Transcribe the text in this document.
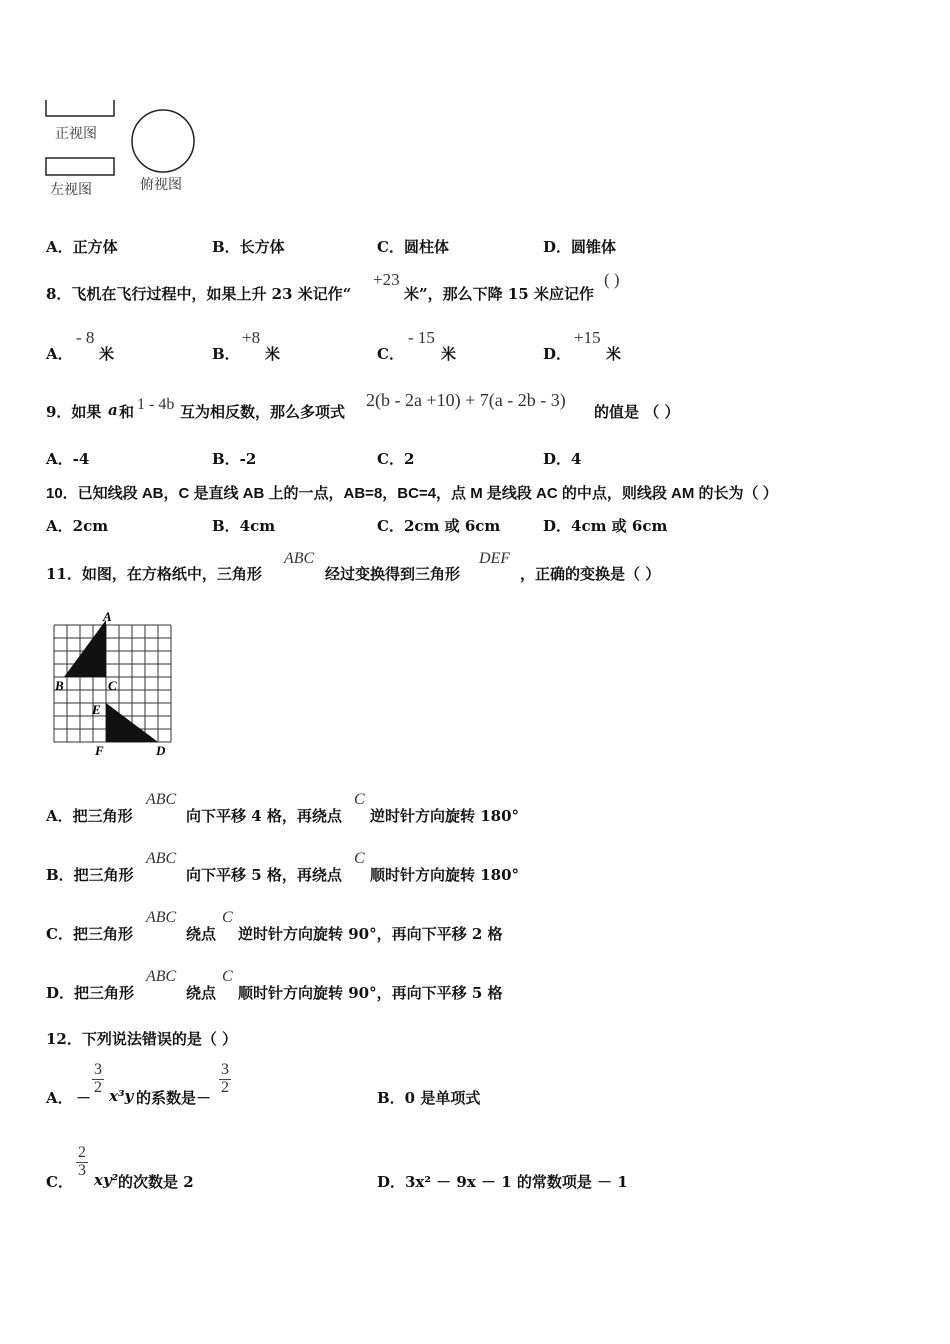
正视图
左视图	俯视图
A．正方体	B．长方体	C．圆柱体	D．圆锥体
8．飞机在飞行过程中，如果上升 23 米记作“
+23
米”，那么下降 15 米应记作
( )
A．
- 8
米	B．
+8
米	C．
- 15
米	D．
+15
米
9．如果 a 和 1 - 4b 互为相反数，那么多项式
2(b - 2a +10) + 7(a - 2b - 3)
的值是 （ ）
A．-4	B．-2	C．2	D．4
10．已知线段 AB，C 是直线 AB 上的一点，AB=8，BC=4，点 M 是线段 AC 的中点，则线段 AM 的长为（ ）
A．2cm	B．4cm	C．2cm 或 6cm	D．4cm 或 6cm
11．如图，在方格纸中，三角形
ABC
经过变换得到三角形
DEF
，正确的变换是（ ）
A
B	C
E
F	D
A．把三角形
ABC
向下平移 4 格，再绕点
C
逆时针方向旋转 180°
B．把三角形
ABC
向下平移 5 格，再绕点
C
顺时针方向旋转 180°
C．把三角形
ABC
绕点
C
逆时针方向旋转 90°，再向下平移 2 格
D．把三角形
ABC
绕点
C
顺时针方向旋转 90°，再向下平移 5 格
12．下列说法错误的是（ ）
A． －
$\frac{3}{2} x^3y$ 的系数是－
$\frac{3}{2}$
B．0 是单项式
C．
$\frac{2}{3}$
xy² 的次数是 2	D． 3x² － 9x － 1 的常数项是 － 1
